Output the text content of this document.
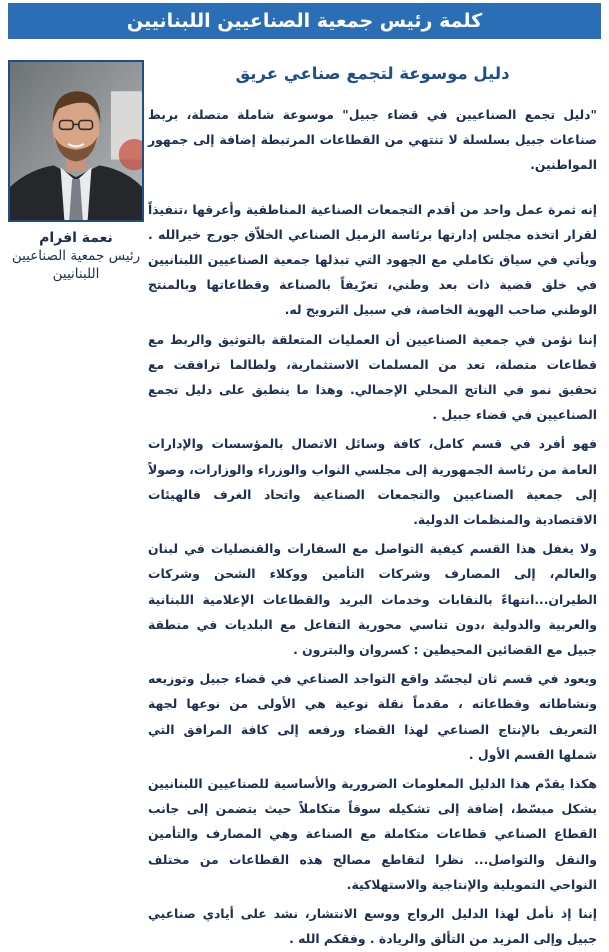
كلمة رئيس جمعية الصناعيين اللبنانيين
نعمة افرام
رئيس جمعية الصناعيين اللبنانيين
دليل موسوعة لتجمع صناعي عريق

"دليل تجمع الصناعيين في قضاء جبيل" موسوعة شاملة متصلة، بربط صناعات جبيل بسلسلة لا تنتهي من القطاعات المرتبطة إضافة إلى جمهور المواطنين.

إنه ثمرة عمل واحد من أقدم التجمعات الصناعية المناطقية وأعرقها ،تنفيذاً لقرار اتخذه مجلس إدارتها برئاسة الزميل الصناعي الخلاّق جورج خيرالله . ويأتي في سياق تكاملي مع الجهود التي تبذلها جمعية الصناعيين اللبنانيين في خلق قضية ذات بعد وطني، تعرّيفاً بالصناعة وقطاعاتها وبالمنتج الوطني صاحب الهوية الخاصة، في سبيل الترويج له.

إننا نؤمن في جمعية الصناعيين أن العمليات المتعلقة بالتوثيق والربط مع قطاعات متصلة، تعد من المسلمات الاستثمارية، ولطالما ترافقت مع تحقيق نمو في الناتج المحلي الإجمالي. وهذا ما ينطبق على دليل تجمع الصناعيين في قضاء جبيل .

فهو أفرد في قسم كامل، كافة وسائل الاتصال بالمؤسسات والإدارات العامة من رئاسة الجمهورية إلى مجلسي النواب والوزراء والوزارات، وصولاً إلى جمعية الصناعيين والتجمعات الصناعية واتحاد الغرف فالهيئات الاقتصادية والمنظمات الدولية.

ولا يغفل هذا القسم كيفية التواصل مع السفارات والقنصليات في لبنان والعالم، إلى المصارف وشركات التأمين ووكلاء الشحن وشركات الطيران...انتهاءً بالنقابات وخدمات البريد والقطاعات الإعلامية اللبنانية والعربية والدولية ،دون تناسي محورية التفاعل مع البلديات في منطقة جبيل مع القضائين المحيطين : كسروان والبترون .

ويعود في قسم ثان ليجسّد واقع التواجد الصناعي في قضاء جبيل وتوزيعه ونشاطاته وقطاعاته ، مقدماً نقلة نوعية هي الأولى من نوعها لجهة التعريف بالإنتاج الصناعي لهذا القضاء ورفعه إلى كافة المرافق التي شملها القسم الأول .

هكذا يقدّم هذا الدليل المعلومات الضرورية والأساسية للصناعيين اللبنانيين بشكل مبسّط، إضافة إلى تشكيله سوقاً متكاملاً حيث يتضمن إلى جانب القطاع الصناعي قطاعات متكاملة مع الصناعة وهي المصارف والتأمين والنقل والتواصل... نظرا لتقاطع مصالح هذه القطاعات من مختلف النواحي التمويلية والإنتاجية والاستهلاكية.

إننا إذ نأمل لهذا الدليل الرواج ووسع الانتشار، نشد على أيادي صناعيي جبيل وإلى المزيد من التألق والريادة . وفقكم الله .
